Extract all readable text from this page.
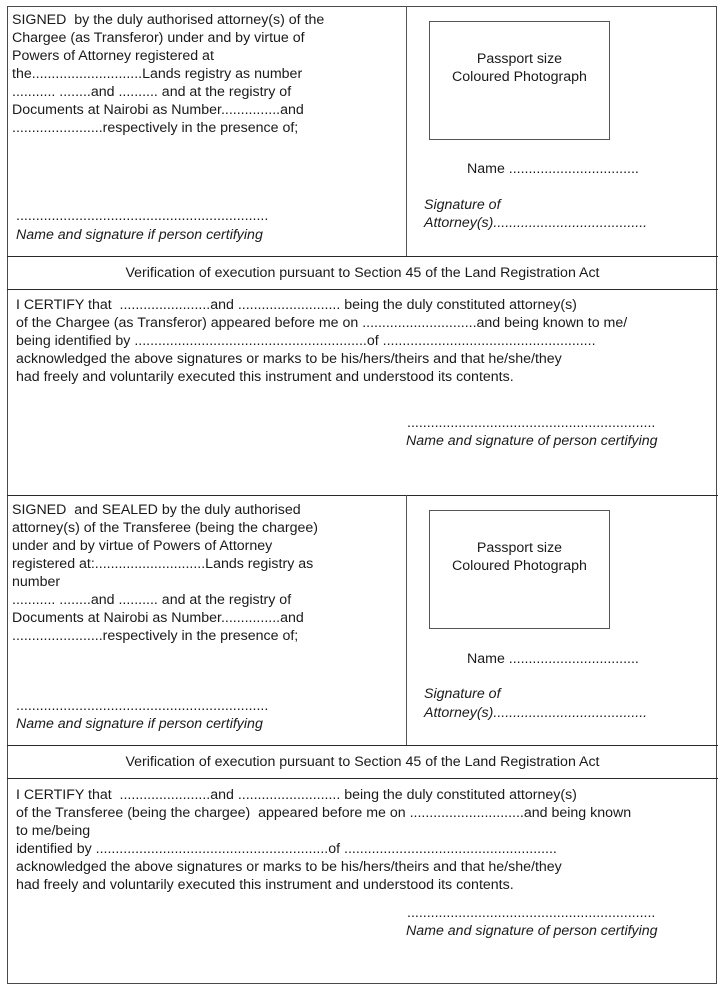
SIGNED  by the duly authorised attorney(s) of the
Chargee (as Transferor) under and by virtue of
Powers of Attorney registered at
the............................Lands registry as number
........... ........and .......... and at the registry of
Documents at Nairobi as Number...............and
.......................respectively in the presence of;
................................................................
Name and signature if person certifying
Passport size
Coloured Photograph
Name .................................
Signature of
Attorney(s).......................................
Verification of execution pursuant to Section 45 of the Land Registration Act
I CERTIFY that  .......................and .......................... being the duly constituted attorney(s)
of the Chargee (as Transferor) appeared before me on .............................and being known to me/
being identified by ...........................................................of ......................................................
acknowledged the above signatures or marks to be his/hers/theirs and that he/she/they
had freely and voluntarily executed this instrument and understood its contents.
...............................................................
Name and signature of person certifying
SIGNED  and SEALED by the duly authorised
attorney(s) of the Transferee (being the chargee)
under and by virtue of Powers of Attorney
registered at:............................Lands registry as
number
........... ........and .......... and at the registry of
Documents at Nairobi as Number...............and
.......................respectively in the presence of;
................................................................
Name and signature if person certifying
Passport size
Coloured Photograph
Name .................................
Signature of
Attorney(s).......................................
Verification of execution pursuant to Section 45 of the Land Registration Act
I CERTIFY that  .......................and .......................... being the duly constituted attorney(s)
of the Transferee (being the chargee)  appeared before me on .............................and being known
to me/being
identified by ...........................................................of ......................................................
acknowledged the above signatures or marks to be his/hers/theirs and that he/she/they
had freely and voluntarily executed this instrument and understood its contents.
...............................................................
Name and signature of person certifying
